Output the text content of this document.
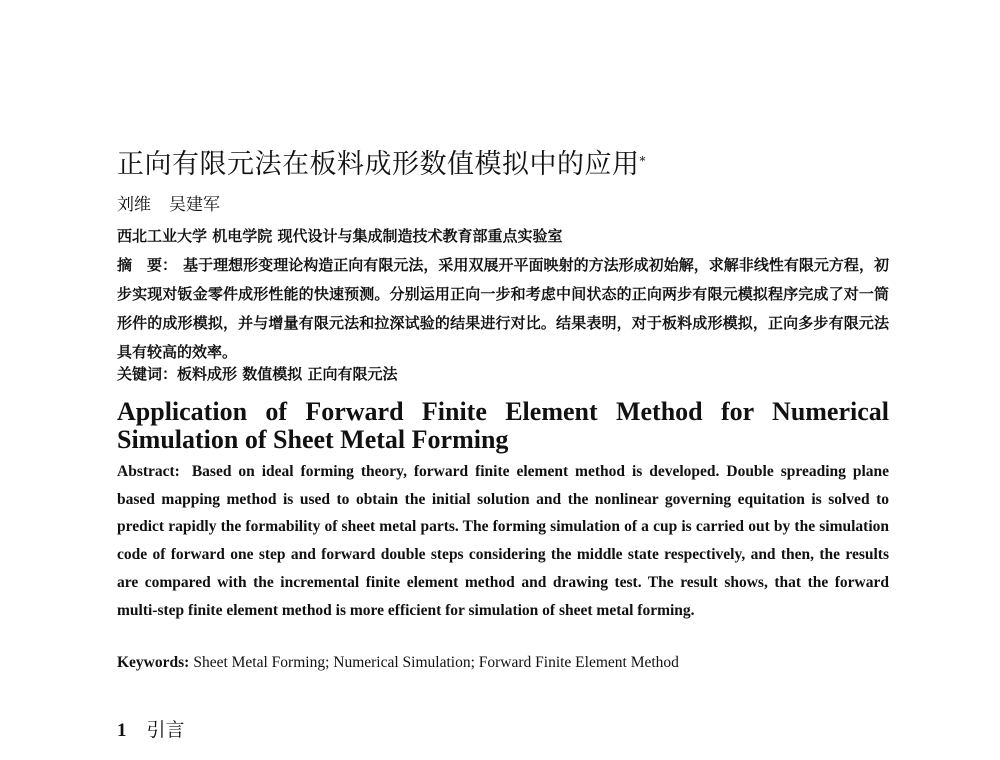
正向有限元法在板料成形数值模拟中的应用*
刘维 吴建军
西北工业大学 机电学院 现代设计与集成制造技术教育部重点实验室
摘　要： 基于理想形变理论构造正向有限元法，采用双展开平面映射的方法形成初始解，求解非线性有限元方程，初步实现对钣金零件成形性能的快速预测。分别运用正向一步和考虑中间状态的正向两步有限元模拟程序完成了对一筒形件的成形模拟，并与增量有限元法和拉深试验的结果进行对比。结果表明，对于板料成形模拟，正向多步有限元法具有较高的效率。
关键词：板料成形 数值模拟 正向有限元法
Application of Forward Finite Element Method for Numerical Simulation of Sheet Metal Forming
Abstract: Based on ideal forming theory, forward finite element method is developed. Double spreading plane based mapping method is used to obtain the initial solution and the nonlinear governing equitation is solved to predict rapidly the formability of sheet metal parts. The forming simulation of a cup is carried out by the simulation code of forward one step and forward double steps considering the middle state respectively, and then, the results are compared with the incremental finite element method and drawing test. The result shows, that the forward multi-step finite element method is more efficient for simulation of sheet metal forming.
Keywords: Sheet Metal Forming; Numerical Simulation; Forward Finite Element Method
1 引言
